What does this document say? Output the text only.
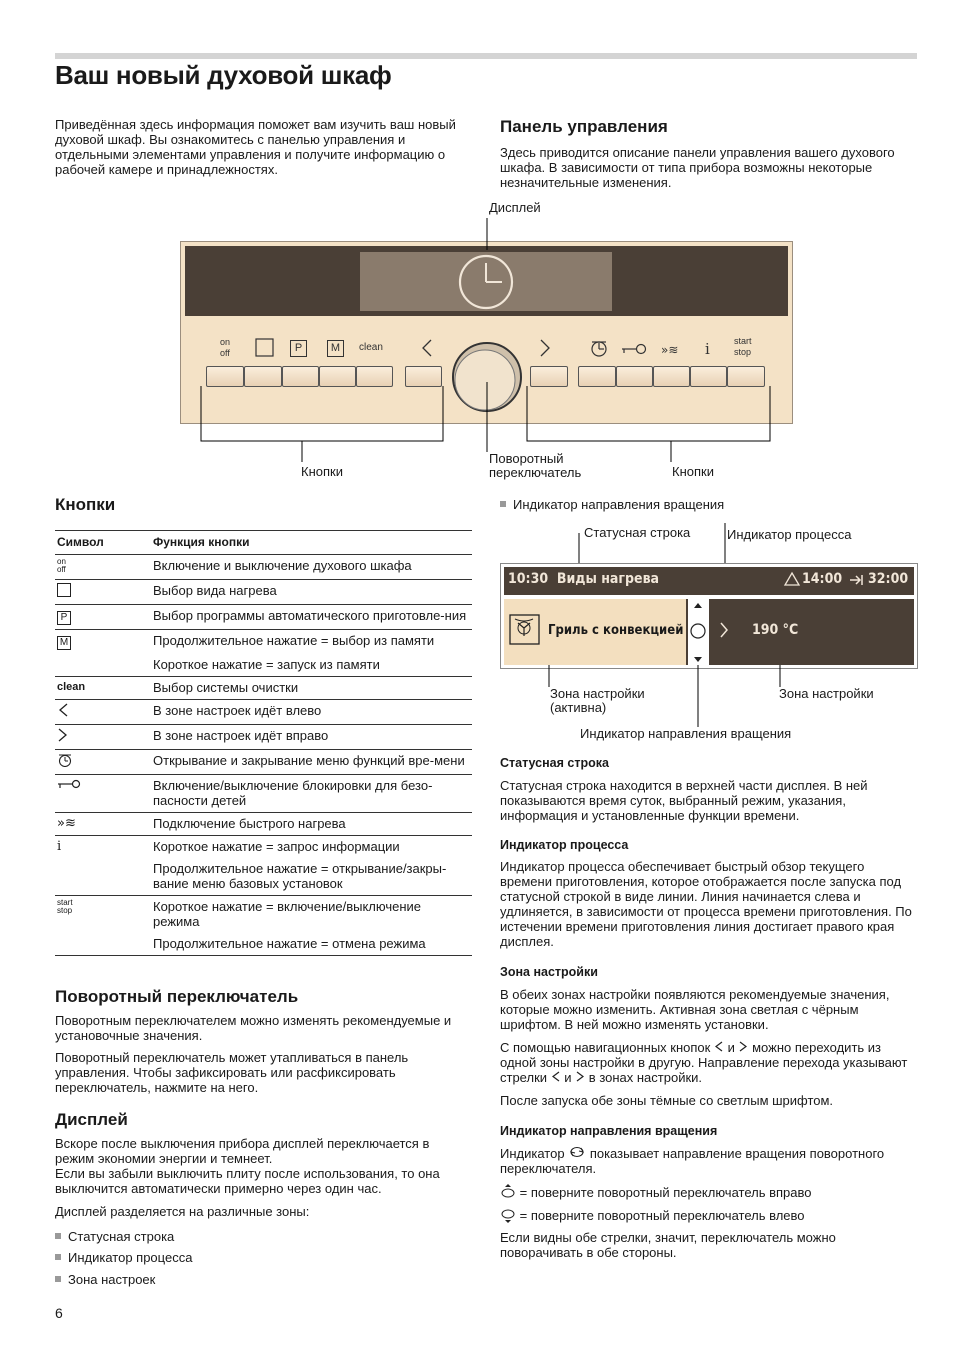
Ваш новый духовой шкаф

Приведённая здесь информация поможет вам изучить ваш новый духовой шкаф. Вы ознакомитесь с панелью управления и отдельными элементами управления и получите информацию о рабочей камере и принадлежностях.

Панель управления

Здесь приводится описание панели управления вашего духового шкафа. В зависимости от типа прибора возможны некоторые незначительные изменения.

»≋
Дисплей
on
off	P	M	clean	i	start
stop
Кнопки
Поворотный
переключатель	Кнопки
Кнопки
Символ	Функция кнопки
on
off	Включение и выключение духового шкафа
	Выбор вида нагрева
P	Выбор программы автоматического приготовле-ния
M	Продолжительное нажатие = выбор из памяти
	Короткое нажатие = запуск из памяти
clean	Выбор системы очистки
	В зоне настроек идёт влево
	В зоне настроек идёт вправо
	Открывание и закрывание меню функций вре-мени
	Включение/выключение блокировки для безо-пасности детей
»≋	Подключение быстрого нагрева
i	Короткое нажатие = запрос информации
	Продолжительное нажатие = открывание/закры-вание меню базовых установок
start
stop	Короткое нажатие = включение/выключение режима
	Продолжительное нажатие = отмена режима
Поворотный переключатель

Поворотным переключателем можно изменять рекомендуемые и установочные значения.

Поворотный переключатель может утапливаться в панель управления. Чтобы зафиксировать или расфиксировать переключатель, нажмите на него.

Дисплей

Вскоре после выключения прибора дисплей переключается в режим экономии энергии и темнеет.

Если вы забыли выключить плиту после использования, то она выключится автоматически примерно через один час.

Дисплей разделяется на различные зоны:

Статусная строка

Индикатор процесса

Зона настроек

Индикатор направления вращения

Статусная строка	Индикатор процесса
10:30  Виды нагрева	14:00 32:00
Гриль с конвекцией	190 °C
Зона настройки
(активна)
Зона настройки
Индикатор направления вращения
Статусная строка

Статусная строка находится в верхней части дисплея. В ней показываются время суток, выбранный режим, указания, информация и установленные функции времени.

Индикатор процесса

Индикатор процесса обеспечивает быстрый обзор текущего времени приготовления, которое отображается после запуска под статусной строкой в виде линии. Линия начинается слева и удлиняется, в зависимости от процесса времени приготовления. По истечении времени приготовления линия достигает правого края дисплея.

Зона настройки

В обеих зонах настройки появляются рекомендуемые значения, которые можно изменить. Активная зона светлая с чёрным шрифтом. В ней можно изменять установки.

С помощью навигационных кнопок и можно переходить из одной зоны настройки в другую. Направление перехода указывают стрелки и в зонах настройки.

После запуска обе зоны тёмные со светлым шрифтом.

Индикатор направления вращения

Индикатор показывает направление вращения поворотного переключателя.

= поверните поворотный переключатель вправо

= поверните поворотный переключатель влево

Если видны обе стрелки, значит, переключатель можно поворачивать в обе стороны.

6
